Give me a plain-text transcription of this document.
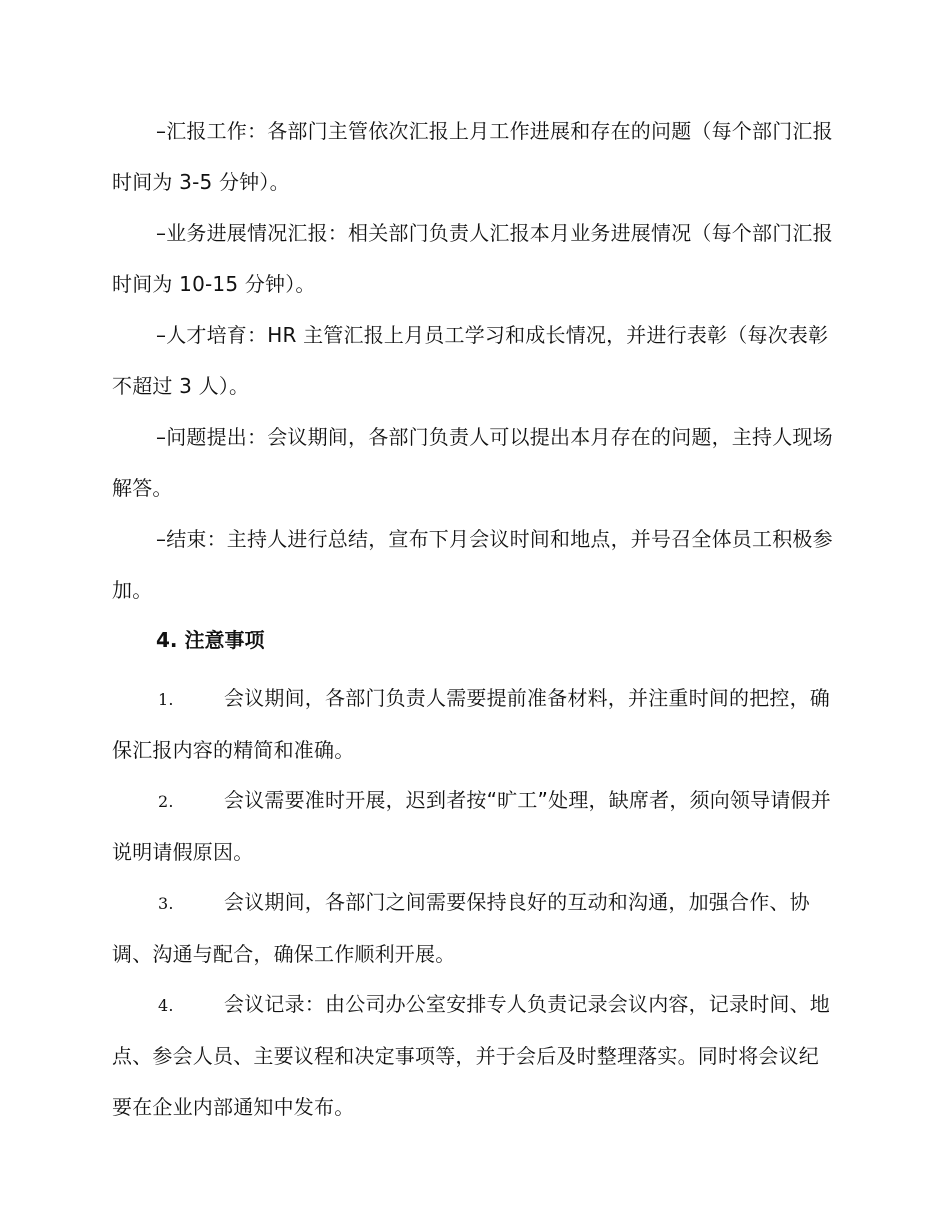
–汇报工作：各部门主管依次汇报上月工作进展和存在的问题（每个部门汇报时间为 3-5 分钟）。

–业务进展情况汇报：相关部门负责人汇报本月业务进展情况（每个部门汇报时间为 10-15 分钟）。

–人才培育：HR 主管汇报上月员工学习和成长情况，并进行表彰（每次表彰不超过 3 人）。

–问题提出：会议期间，各部门负责人可以提出本月存在的问题，主持人现场解答。

–结束：主持人进行总结，宣布下月会议时间和地点，并号召全体员工积极参加。

4. 注意事项

1.	会议期间，各部门负责人需要提前准备材料，并注重时间的把控，确保汇报内容的精简和准确。

2.	会议需要准时开展，迟到者按“旷工”处理，缺席者，须向领导请假并说明请假原因。

3.	会议期间，各部门之间需要保持良好的互动和沟通，加强合作、协调、沟通与配合，确保工作顺利开展。

4.	会议记录：由公司办公室安排专人负责记录会议内容，记录时间、地点、参会人员、主要议程和决定事项等，并于会后及时整理落实。同时将会议纪要在企业内部通知中发布。
